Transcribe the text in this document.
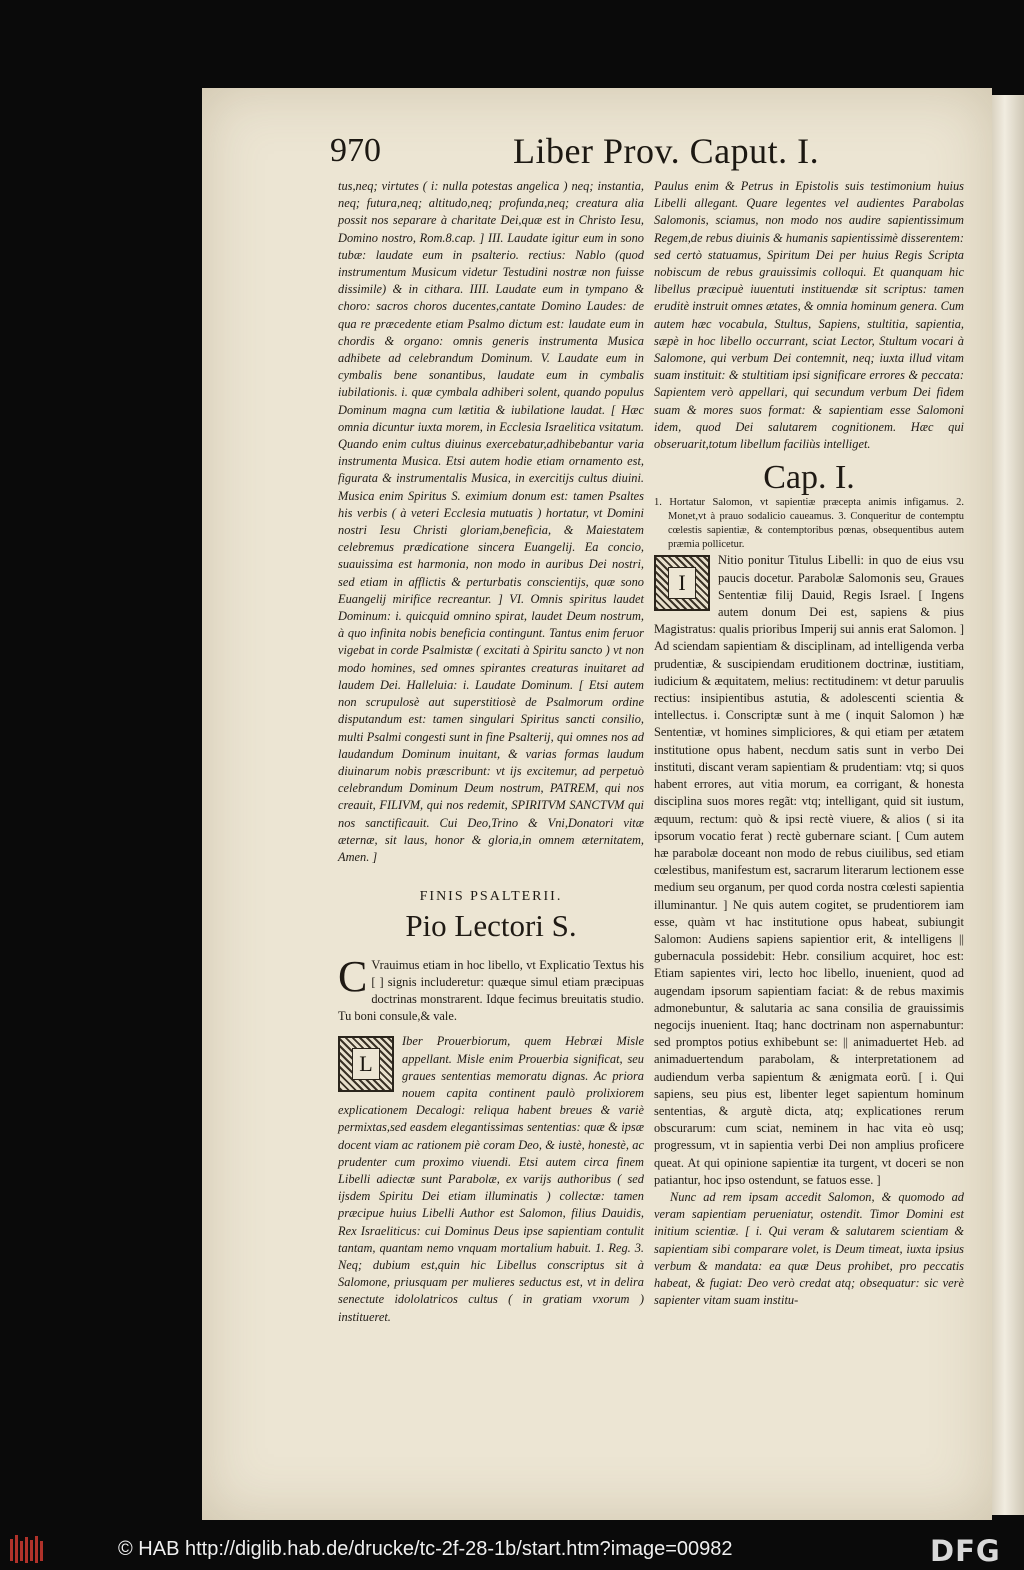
970	Liber Prov. Caput. I.

tus,neq; virtutes ( i: nulla potestas angelica ) neq; instantia, neq; futura,neq; altitudo,neq; profunda,neq; creatura alia possit nos separare à charitate Dei,quæ est in Christo Iesu, Domino nostro, Rom.8.cap. ] III. Laudate igitur eum in sono tubæ: laudate eum in psalterio. rectius: Nablo (quod instrumentum Musicum videtur Testudini nostræ non fuisse dissimile) & in cithara. IIII. Laudate eum in tympano & choro: sacros choros ducentes,cantate Domino Laudes: de qua re præcedente etiam Psalmo dictum est: laudate eum in chordis & organo: omnis generis instrumenta Musica adhibete ad celebrandum Dominum. V. Laudate eum in cymbalis bene sonantibus, laudate eum in cymbalis iubilationis. i. quæ cymbala adhiberi solent, quando populus Dominum magna cum lætitia & iubilatione laudat. [ Hæc omnia dicuntur iuxta morem, in Ecclesia Israelitica vsitatum. Quando enim cultus diuinus exercebatur,adhibebantur varia instrumenta Musica. Etsi autem hodie etiam ornamento est, figurata & instrumentalis Musica, in exercitijs cultus diuini. Musica enim Spiritus S. eximium donum est: tamen Psaltes his verbis ( à veteri Ecclesia mutuatis ) hortatur, vt Domini nostri Iesu Christi gloriam,beneficia, & Maiestatem celebremus prædicatione sincera Euangelij. Ea concio, suauissima est harmonia, non modo in auribus Dei nostri, sed etiam in afflictis & perturbatis conscientijs, quæ sono Euangelij mirifice recreantur. ] VI. Omnis spiritus laudet Dominum: i. quicquid omnino spirat, laudet Deum nostrum, à quo infinita nobis beneficia contingunt. Tantus enim feruor vigebat in corde Psalmistæ ( excitati à Spiritu sancto ) vt non modo homines, sed omnes spirantes creaturas inuitaret ad laudem Dei. Halleluia: i. Laudate Dominum. [ Etsi autem non scrupulosè aut superstitiosè de Psalmorum ordine disputandum est: tamen singulari Spiritus sancti consilio, multi Psalmi congesti sunt in fine Psalterij, qui omnes nos ad laudandum Dominum inuitant, & varias formas laudum diuinarum nobis præscribunt: vt ijs excitemur, ad perpetuò celebrandum Dominum Deum nostrum, PATREM, qui nos creauit, FILIVM, qui nos redemit, SPIRITVM SANCTVM qui nos sanctificauit. Cui Deo,Trino & Vni,Donatori vitæ æternæ, sit laus, honor & gloria,in omnem æternitatem, Amen. ]

FINIS PSALTERII.
Pio Lectori S.

C Vrauimus etiam in hoc libello, vt Explicatio Textus his [ ] signis includeretur: quæque simul etiam præcipuas doctrinas monstrarent. Idque fecimus breuitatis studio. Tu boni consule,& vale.

L
Iber Prouerbiorum, quem Hebræi Misle appellant. Misle enim Prouerbia significat, seu graues sententias memoratu dignas. Ac priora nouem capita continent paulò prolixiorem explicationem Decalogi: reliqua habent breues & variè permixtas,sed easdem elegantissimas sententias: quæ & ipsæ docent viam ac rationem piè coram Deo, & iustè, honestè, ac prudenter cum proximo viuendi. Etsi autem circa finem Libelli adiectæ sunt Parabolæ, ex varijs authoribus ( sed ijsdem Spiritu Dei etiam illuminatis ) collectæ: tamen præcipue huius Libelli Author est Salomon, filius Dauidis, Rex Israeliticus: cui Dominus Deus ipse sapientiam contulit tantam, quantam nemo vnquam mortalium habuit. 1. Reg. 3. Neq; dubium est,quin hic Libellus conscriptus sit à Salomone, priusquam per mulieres seductus est, vt in delira senectute idololatricos cultus ( in gratiam vxorum ) institueret.

Paulus enim & Petrus in Epistolis suis testimonium huius Libelli allegant. Quare legentes vel audientes Parabolas Salomonis, sciamus, non modo nos audire sapientissimum Regem,de rebus diuinis & humanis sapientissimè disserentem: sed certò statuamus, Spiritum Dei per huius Regis Scripta nobiscum de rebus grauissimis colloqui. Et quanquam hic libellus præcipuè iuuentuti instituendæ sit scriptus: tamen eruditè instruit omnes ætates, & omnia hominum genera. Cum autem hæc vocabula, Stultus, Sapiens, stultitia, sapientia, sæpè in hoc libello occurrant, sciat Lector, Stultum vocari à Salomone, qui verbum Dei contemnit, neq; iuxta illud vitam suam instituit: & stultitiam ipsi significare errores & peccata: Sapientem verò appellari, qui secundum verbum Dei fidem suam & mores suos format: & sapientiam esse Salomoni idem, quod Dei salutarem cognitionem. Hæc qui obseruarit,totum libellum faciliùs intelliget.

Cap. I.

1. Hortatur Salomon, vt sapientiæ præcepta animis infigamus. 2. Monet,vt à prauo sodalicio caueamus. 3. Conqueritur de contemptu cœlestis sapientiæ, & contemptoribus pœnas, obsequentibus autem præmia pollicetur.

I
Nitio ponitur Titulus Libelli: in quo de eius vsu paucis docetur. Parabolæ Salomonis seu, Graues Sententiæ filij Dauid, Regis Israel. [ Ingens autem donum Dei est, sapiens & pius Magistratus: qualis prioribus Imperij sui annis erat Salomon. ] Ad sciendam sapientiam & disciplinam, ad intelligenda verba prudentiæ, & suscipiendam eruditionem doctrinæ, iustitiam, iudicium & æquitatem, melius: rectitudinem: vt detur paruulis rectius: insipientibus astutia, & adolescenti scientia & intellectus. i. Conscriptæ sunt à me ( inquit Salomon ) hæ Sententiæ, vt homines simpliciores, & qui etiam per ætatem institutione opus habent, necdum satis sunt in verbo Dei instituti, discant veram sapientiam & prudentiam: vtq; si quos habent errores, aut vitia morum, ea corrigant, & honesta disciplina suos mores regãt: vtq; intelligant, quid sit iustum, æquum, rectum: quò & ipsi rectè viuere, & alios ( si ita ipsorum vocatio ferat ) rectè gubernare sciant. [ Cum autem hæ parabolæ doceant non modo de rebus ciuilibus, sed etiam cœlestibus, manifestum est, sacrarum literarum lectionem esse medium seu organum, per quod corda nostra cœlesti sapientia illuminantur. ] Ne quis autem cogitet, se prudentiorem iam esse, quàm vt hac institutione opus habeat, subiungit Salomon: Audiens sapiens sapientior erit, & intelligens || gubernacula possidebit: Hebr. consilium acquiret, hoc est: Etiam sapientes viri, lecto hoc libello, inuenient, quod ad augendam ipsorum sapientiam faciat: & de rebus maximis admonebuntur, & salutaria ac sana consilia de grauissimis negocijs inuenient. Itaq; hanc doctrinam non aspernabuntur: sed promptos potius exhibebunt se: || animaduertet Heb. ad animaduertendum parabolam, & interpretationem ad audiendum verba sapientum & ænigmata eorũ. [ i. Qui sapiens, seu pius est, libenter leget sapientum hominum sententias, & argutè dicta, atq; explicationes rerum obscurarum: cum sciat, neminem in hac vita eò usq; progressum, vt in sapientia verbi Dei non amplius proficere queat. At qui opinione sapientiæ ita turgent, vt doceri se non patiantur, hoc ipso ostendunt, se fatuos esse. ]

Nunc ad rem ipsam accedit Salomon, & quomodo ad veram sapientiam perueniatur, ostendit. Timor Domini est initium scientiæ. [ i. Qui veram & salutarem scientiam & sapientiam sibi comparare volet, is Deum timeat, iuxta ipsius verbum & mandata: ea quæ Deus prohibet, pro peccatis habeat, & fugiat: Deo verò credat atq; obsequatur: sic verè sapienter vitam suam institu-

© HAB http://diglib.hab.de/drucke/tc-2f-28-1b/start.htm?image=00982	DFG
